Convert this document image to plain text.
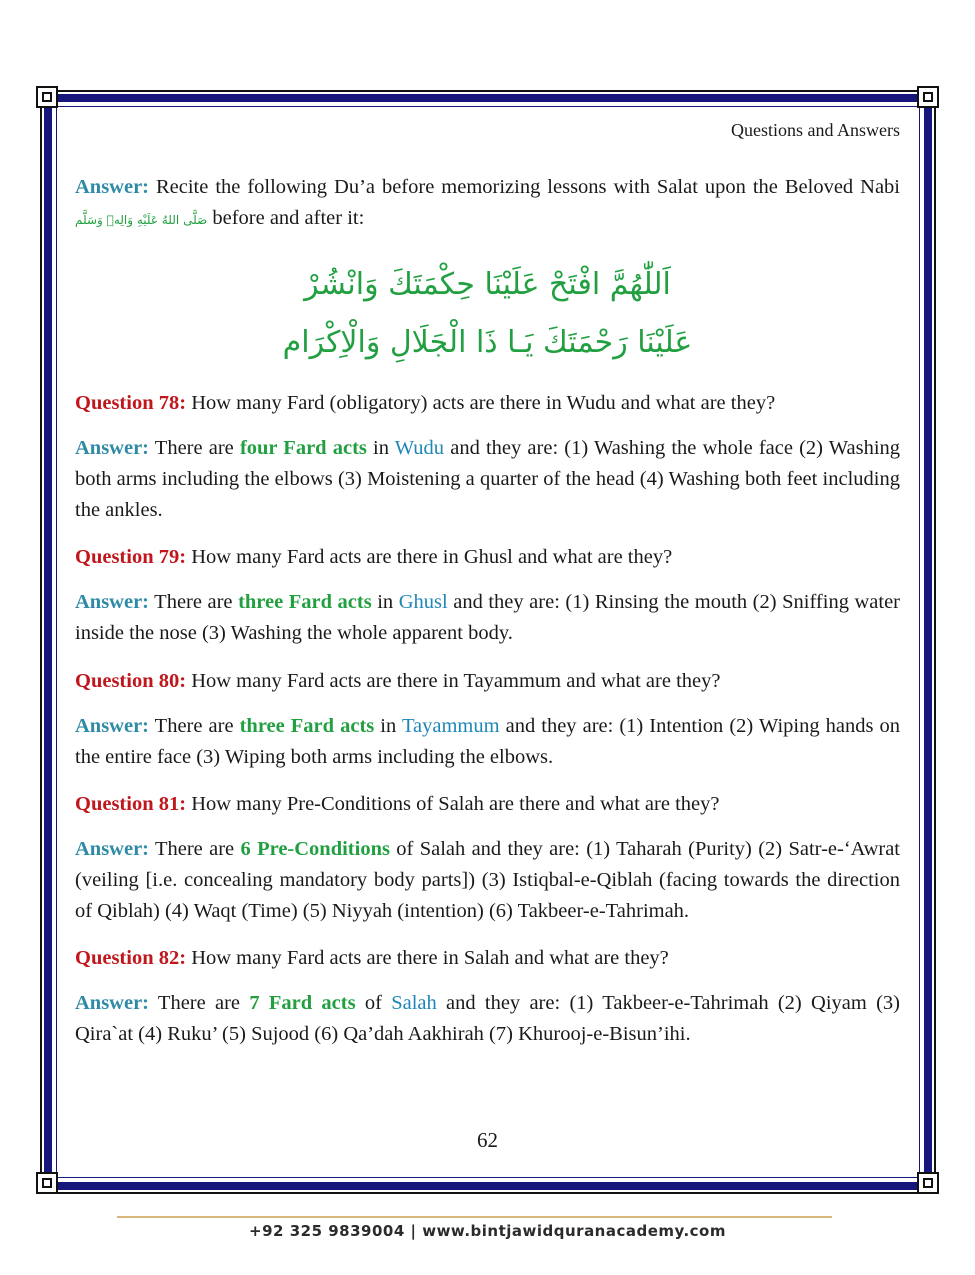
Questions and Answers

Answer: Recite the following Du’a before memorizing lessons with Salat upon the Beloved Nabi صَلَّى اللهُ عَلَيْهِ وَالِهٖ وَسَلَّم before and after it:

اَللّٰهُمَّ افْتَحْ عَلَيْنَا حِكْمَتَكَ وَانْشُرْ
عَلَيْنَا رَحْمَتَكَ يَـا ذَا الْجَلَالِ وَالْاِكْرَام

Question 78: How many Fard (obligatory) acts are there in Wudu and what are they?

Answer: There are four Fard acts in Wudu and they are: (1) Washing the whole face (2) Washing both arms including the elbows (3) Moistening a quarter of the head (4) Washing both feet including the ankles.

Question 79: How many Fard acts are there in Ghusl and what are they?

Answer: There are three Fard acts in Ghusl and they are: (1) Rinsing the mouth (2) Sniffing water inside the nose (3) Washing the whole apparent body.

Question 80: How many Fard acts are there in Tayammum and what are they?

Answer: There are three Fard acts in Tayammum and they are: (1) Intention (2) Wiping hands on the entire face (3) Wiping both arms including the elbows.

Question 81: How many Pre-Conditions of Salah are there and what are they?

Answer: There are 6 Pre-Conditions of Salah and they are: (1) Taharah (Purity) (2) Satr-e-‘Awrat (veiling [i.e. concealing mandatory body parts]) (3) Istiqbal-e-Qiblah (facing towards the direction of Qiblah) (4) Waqt (Time) (5) Niyyah (intention) (6) Takbeer-e-Tahrimah.

Question 82: How many Fard acts are there in Salah and what are they?

Answer: There are 7 Fard acts of Salah and they are: (1) Takbeer-e-Tahrimah (2) Qiyam (3) Qira`at (4) Ruku’ (5) Sujood (6) Qa’dah Aakhirah (7) Khurooj-e-Bisun’ihi.

62
+92 325 9839004 | www.bintjawidquranacademy.com
